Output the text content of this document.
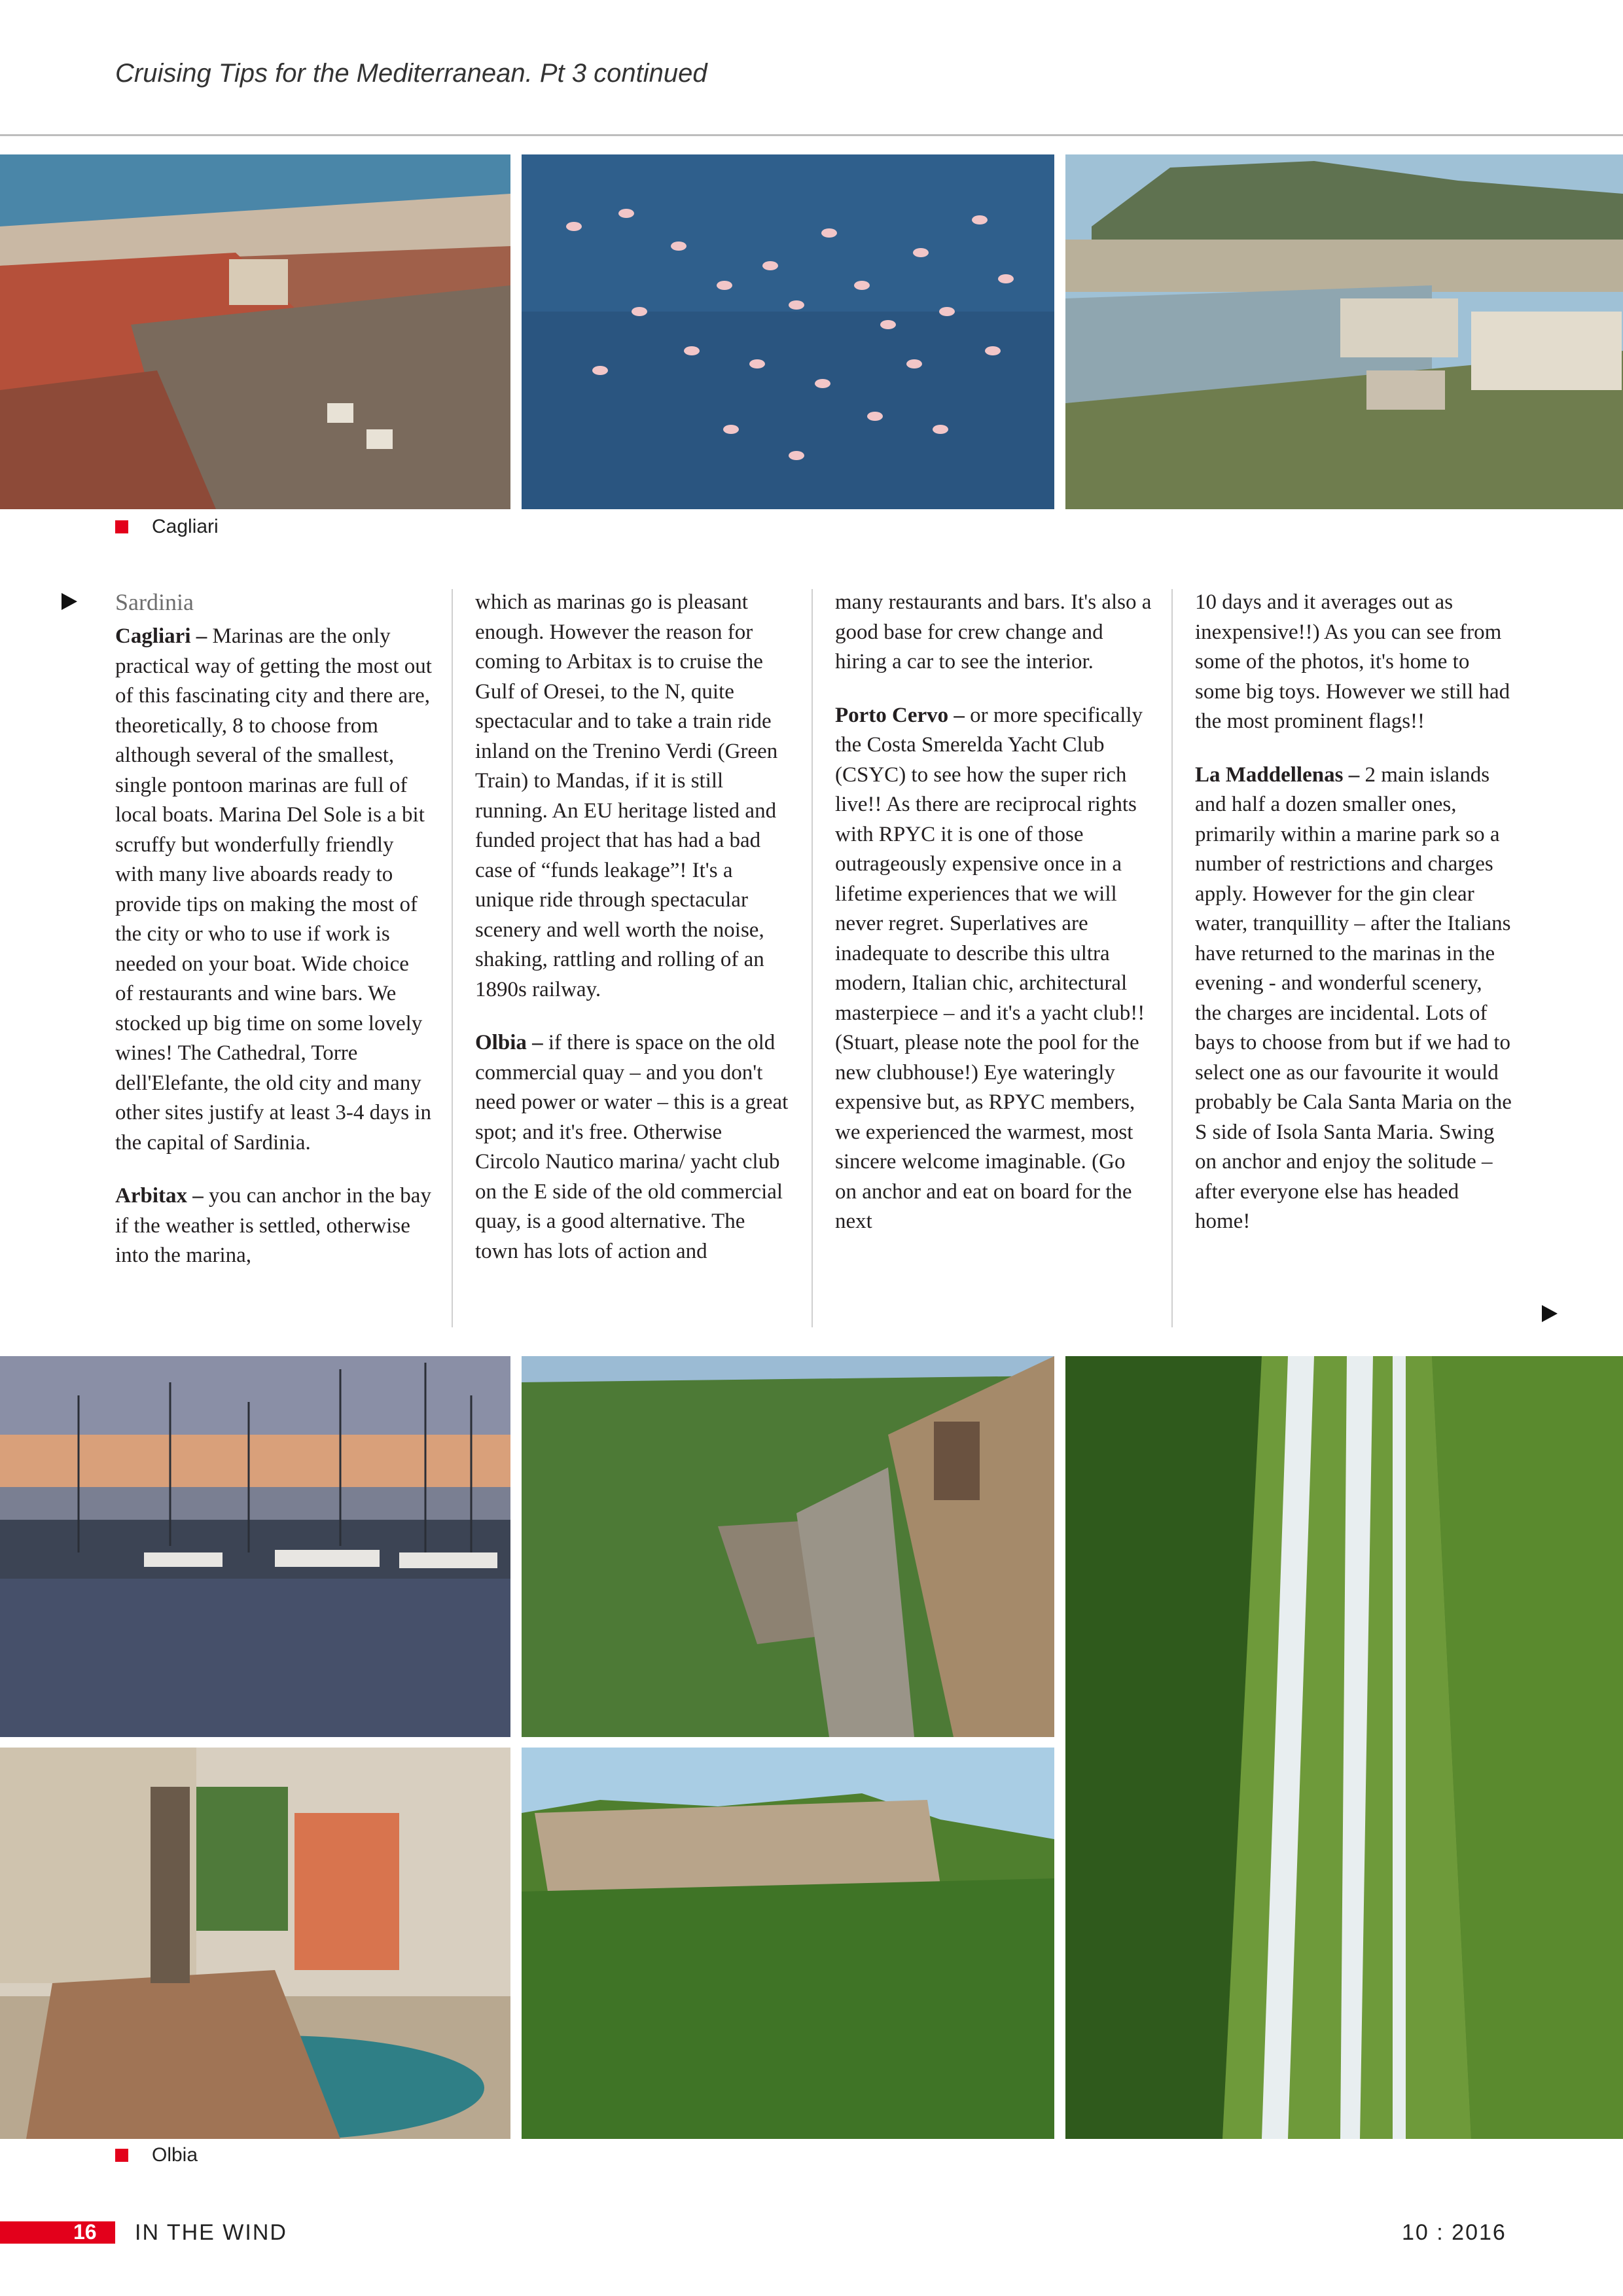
Cruising Tips for the Mediterranean. Pt 3 continued
Cagliari
Sardinia

Cagliari – Marinas are the only practical way of getting the most out of this fascinating city and there are, theoretically, 8 to choose from although several of the smallest, single pontoon marinas are full of local boats. Marina Del Sole is a bit scruffy but wonderfully friendly with many live aboards ready to provide tips on making the most of the city or who to use if work is needed on your boat. Wide choice of restaurants and wine bars. We stocked up big time on some lovely wines! The Cathedral, Torre dell'Elefante, the old city and many other sites justify at least 3-4 days in the capital of Sardinia.

Arbitax – you can anchor in the bay if the weather is settled, otherwise into the marina,

which as marinas go is pleasant enough. However the reason for coming to Arbitax is to cruise the Gulf of Oresei, to the N, quite spectacular and to take a train ride inland on the Trenino Verdi (Green Train) to Mandas, if it is still running. An EU heritage listed and funded project that has had a bad case of “funds leakage”! It's a unique ride through spectacular scenery and well worth the noise, shaking, rattling and rolling of an 1890s railway.

Olbia – if there is space on the old commercial quay – and you don't need power or water – this is a great spot; and it's free. Otherwise Circolo Nautico marina/ yacht club on the E side of the old commercial quay, is a good alternative. The town has lots of action and

many restaurants and bars. It's also a good base for crew change and hiring a car to see the interior.

Porto Cervo – or more specifically the Costa Smerelda Yacht Club (CSYC) to see how the super rich live!! As there are reciprocal rights with RPYC it is one of those outrageously expensive once in a lifetime experiences that we will never regret. Superlatives are inadequate to describe this ultra modern, Italian chic, architectural masterpiece – and it's a yacht club!! (Stuart, please note the pool for the new clubhouse!) Eye wateringly expensive but, as RPYC members, we experienced the warmest, most sincere welcome imaginable. (Go on anchor and eat on board for the next

10 days and it averages out as inexpensive!!) As you can see from some of the photos, it's home to some big toys. However we still had the most prominent flags!!

La Maddellenas – 2 main islands and half a dozen smaller ones, primarily within a marine park so a number of restrictions and charges apply. However for the gin clear water, tranquillity – after the Italians have returned to the marinas in the evening - and wonderful scenery, the charges are incidental. Lots of bays to choose from but if we had to select one as our favourite it would probably be Cala Santa Maria on the S side of Isola Santa Maria. Swing on anchor and enjoy the solitude – after everyone else has headed home!

Olbia
16 IN THE WIND	10 : 2016
